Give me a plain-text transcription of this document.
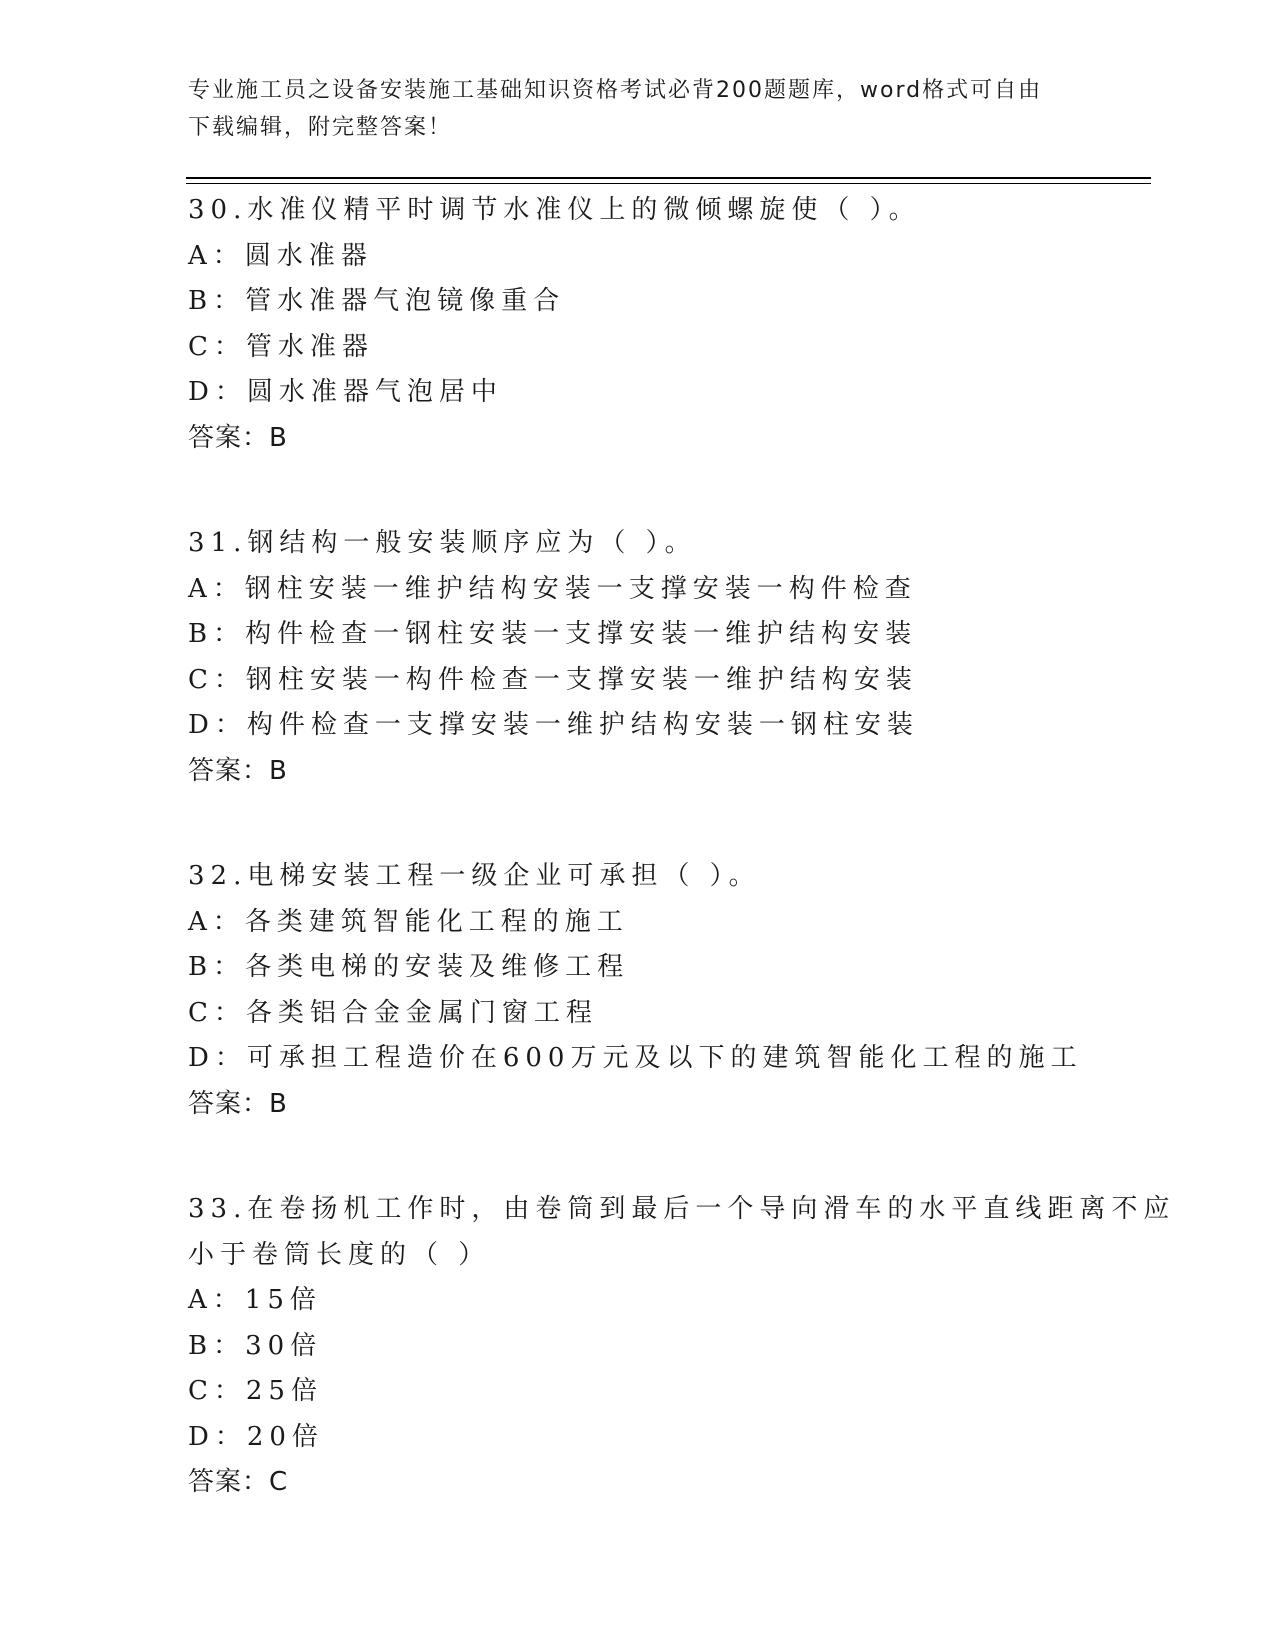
专业施工员之设备安装施工基础知识资格考试必背200题题库，word格式可自由
下载编辑，附完整答案！
30.水准仪精平时调节水准仪上的微倾螺旋使（ ）。
A：圆水准器
B：管水准器气泡镜像重合
C：管水准器
D：圆水准器气泡居中
答案：B
31.钢结构一般安装顺序应为（ ）。
A：钢柱安装一维护结构安装一支撑安装一构件检查
B：构件检查一钢柱安装一支撑安装一维护结构安装
C：钢柱安装一构件检查一支撑安装一维护结构安装
D：构件检查一支撑安装一维护结构安装一钢柱安装
答案：B
32.电梯安装工程一级企业可承担（ ）。
A：各类建筑智能化工程的施工
B：各类电梯的安装及维修工程
C：各类铝合金金属门窗工程
D：可承担工程造价在600万元及以下的建筑智能化工程的施工
答案：B
33.在卷扬机工作时，由卷筒到最后一个导向滑车的水平直线距离不应
小于卷筒长度的（ ）
A：15倍
B：30倍
C：25倍
D：20倍
答案：C
